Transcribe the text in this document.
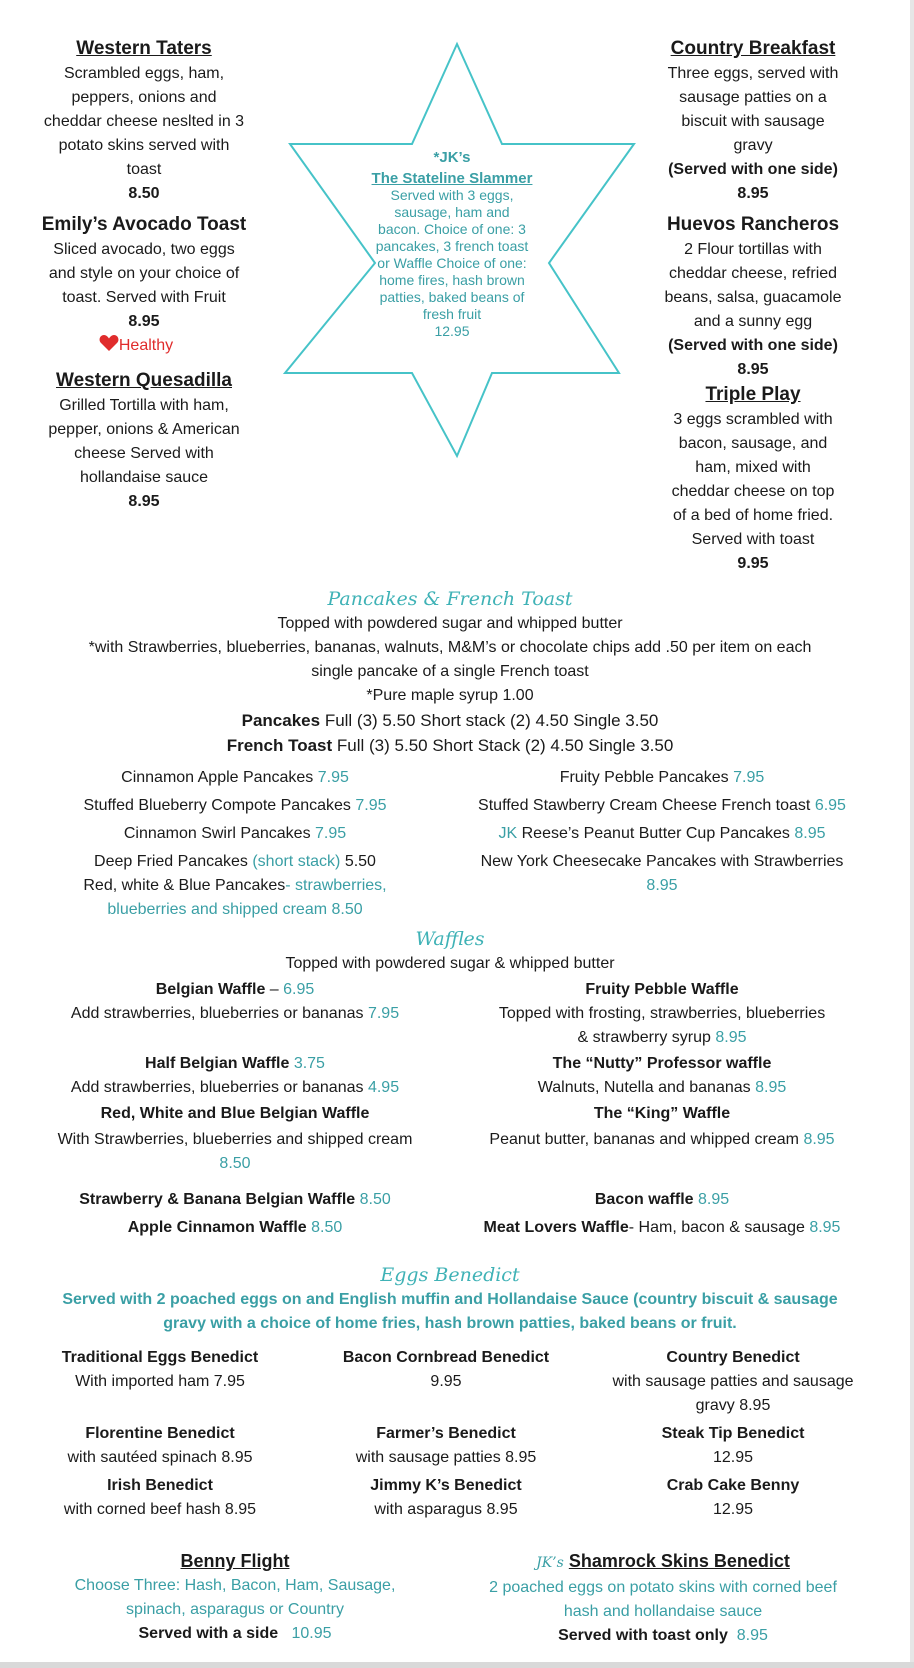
Western Taters
Scrambled eggs, ham,
peppers, onions and
cheddar cheese neslted in 3
potato skins served with
toast
8.50
Emily’s Avocado Toast
Sliced avocado, two eggs
and style on your choice of
toast. Served with Fruit
8.95
Healthy
Western Quesadilla
Grilled Tortilla with ham,
pepper, onions & American
cheese Served with
hollandaise sauce
8.95
*JK’s
The Stateline Slammer
Served with 3 eggs,
sausage, ham and
bacon. Choice of one: 3
pancakes, 3 french toast
or Waffle Choice of one:
home fires, hash brown
patties, baked beans of
fresh fruit
12.95
Country Breakfast
Three eggs, served with
sausage patties on a
biscuit with sausage
gravy
(Served with one side)
8.95
Huevos Rancheros
2 Flour tortillas with
cheddar cheese, refried
beans, salsa, guacamole
and a sunny egg
(Served with one side)
8.95
Triple Play
3 eggs scrambled with
bacon, sausage, and
ham, mixed with
cheddar cheese on top
of a bed of home fried.
Served with toast
9.95
Pancakes & French Toast
Topped with powdered sugar and whipped butter
*with Strawberries, blueberries, bananas, walnuts, M&M’s or chocolate chips add .50 per item on each
single pancake of a single French toast
*Pure maple syrup 1.00
Pancakes Full (3) 5.50 Short stack (2) 4.50 Single 3.50
French Toast Full (3) 5.50 Short Stack (2) 4.50 Single 3.50
Cinnamon Apple Pancakes 7.95
Stuffed Blueberry Compote Pancakes 7.95
Cinnamon Swirl Pancakes 7.95
Deep Fried Pancakes (short stack) 5.50
Red, white & Blue Pancakes- strawberries,
blueberries and shipped cream 8.50
Fruity Pebble Pancakes 7.95
Stuffed Stawberry Cream Cheese French toast 6.95
JK Reese’s Peanut Butter Cup Pancakes 8.95
New York Cheesecake Pancakes with Strawberries
8.95
Waffles
Topped with powdered sugar & whipped butter
Belgian Waffle – 6.95
Add strawberries, blueberries or bananas 7.95
Half Belgian Waffle 3.75
Add strawberries, blueberries or bananas 4.95
Red, White and Blue Belgian Waffle
With Strawberries, blueberries and shipped cream
8.50
Strawberry & Banana Belgian Waffle 8.50
Apple Cinnamon Waffle 8.50
Fruity Pebble Waffle
Topped with frosting, strawberries, blueberries
& strawberry syrup 8.95
The “Nutty” Professor waffle
Walnuts, Nutella and bananas 8.95
The “King” Waffle
Peanut butter, bananas and whipped cream 8.95
Bacon waffle 8.95
Meat Lovers Waffle- Ham, bacon & sausage 8.95
Eggs Benedict
Served with 2 poached eggs on and English muffin and Hollandaise Sauce (country biscuit & sausage
gravy with a choice of home fries, hash brown patties, baked beans or fruit.
Traditional Eggs Benedict
With imported ham 7.95
Bacon Cornbread Benedict
9.95
Country Benedict
with sausage patties and sausage
gravy 8.95
Florentine Benedict
with sautéed spinach 8.95
Farmer’s Benedict
with sausage patties 8.95
Steak Tip Benedict
12.95
Irish Benedict
with corned beef hash 8.95
Jimmy K’s Benedict
with asparagus 8.95
Crab Cake Benny
12.95
Benny Flight
Choose Three: Hash, Bacon, Ham, Sausage,
spinach, asparagus or Country
Served with a side 10.95
JK’s Shamrock Skins Benedict
2 poached eggs on potato skins with corned beef
hash and hollandaise sauce
Served with toast only 8.95
